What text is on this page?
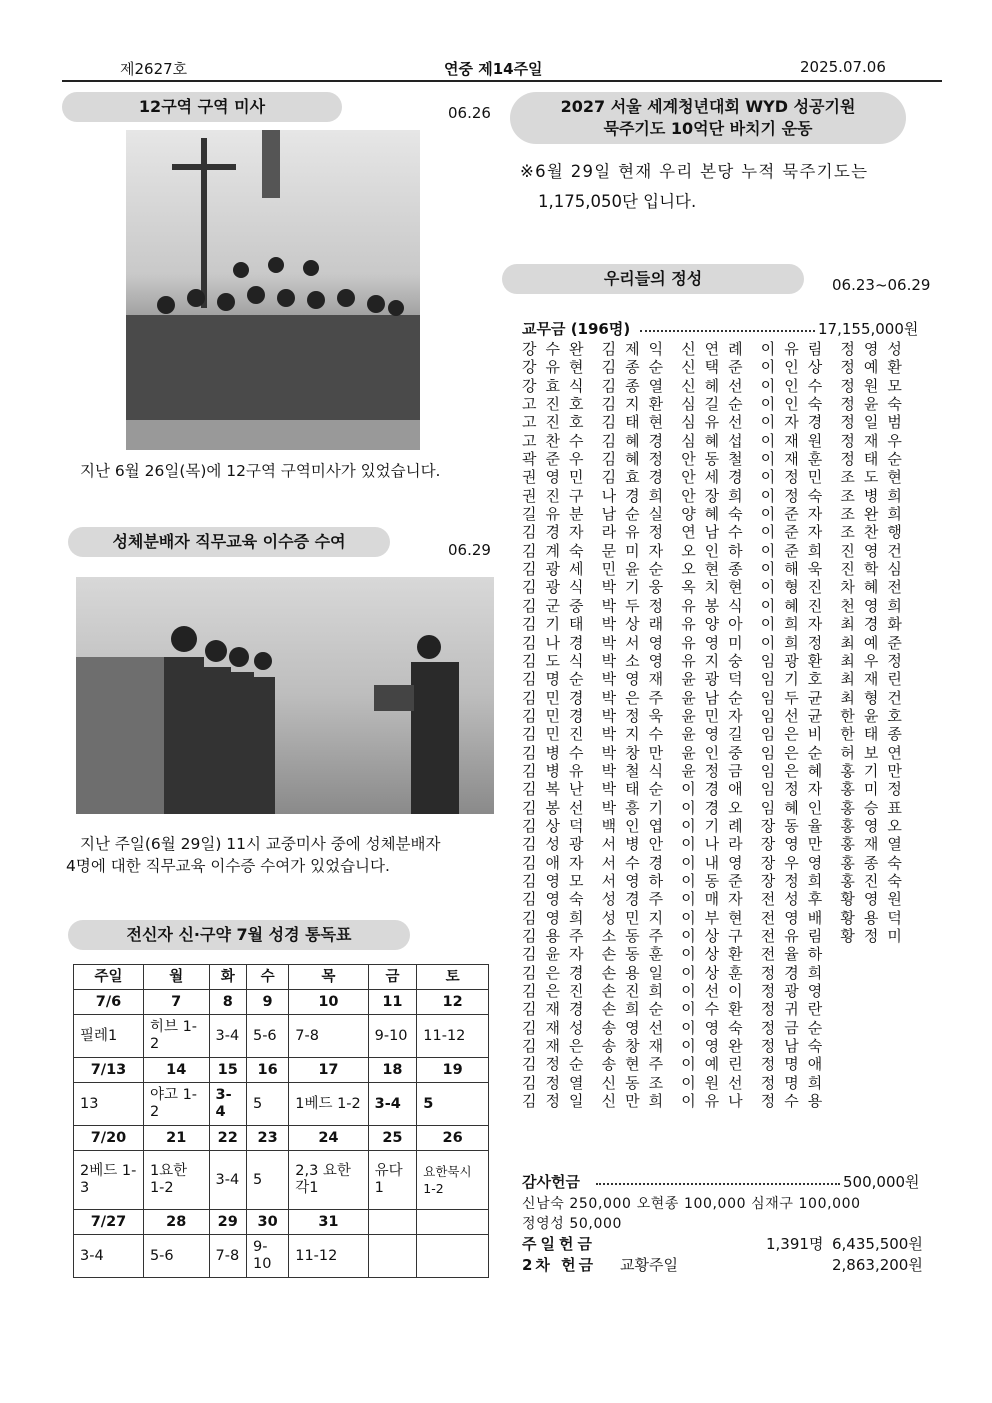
제2627호	연중 제14주일	2025.07.06
12구역 구역 미사	06.26
지난 6월 26일(목)에 12구역 구역미사가 있었습니다.
성체분배자 직무교육 이수증 수여	06.29
지난 주일(6월 29일) 11시 교중미사 중에 성체분배자
4명에 대한 직무교육 이수증 수여가 있었습니다.
전신자 신·구약 7월 성경 통독표
주일	월	화	수	목	금	토
7/6	7	8	9	10	11	12
필레1	히브 1-2	3-4	5-6	7-8	9-10	11-12
7/13	14	15	16	17	18	19
13	야고 1-2	3-4	5	1베드 1-2	3-4	5
7/20	21	22	23	24	25	26
2베드 1-3	1요한 1-2	3-4	5	2,3 요한 각1	유다 1	요한묵시 1-2
7/27	28	29	30	31		
3-4	5-6	7-8	9-10	11-12		
2027 서울 세계청년대회 WYD 성공기원
묵주기도 10억단 바치기 운동
※6월 29일 현재 우리 본당 누적 묵주기도는
1,175,050단 입니다.
우리들의 정성	06.23~06.29
교무금 (196명)	17,155,000원
강수완 김제익 신연례 이유림 정영성
강유현 김종순 신택준 이인상 정예환
강효식 김종열 신헤선 이인수 정원모
고진호 김지환 심길순 이인숙 정윤숙
고진호 김태현 심유선 이자경 정일범
고찬수 김혜경 심혜섭 이재원 정재우
곽준우 김혜정 안동철 이재훈 정태순
권영민 김효경 안세경 이정민 조도현
권진구 나경희 안장희 이정숙 조병희
길유분 남순실 양혜숙 이준자 조완희
김경자 라유정 연남수 이준자 조찬행
김계숙 문미자 오인하 이준희 진영건
김광세 민윤순 오현종 이해욱 진학심
김광식 박기웅 옥치현 이형진 차혜전
김군중 박두정 유봉식 이혜진 천영희
김기태 박상래 유양아 이희자 최경화
김나경 박서영 유영미 이희정 최예준
김도식 박소영 유지숭 임광환 최우정
김명순 박영재 윤광덕 임기호 최재린
김민경 박은주 윤남순 임두균 최형건
김민경 박정욱 윤민자 임선균 한윤호
김민진 박지수 윤영길 임은비 한태종
김병수 박창만 윤인중 임은순 허보연
김병유 박철식 윤정금 임은혜 홍기만
김복난 박태순 이경애 임정자 홍미정
김봉선 박흥기 이경오 임혜인 홍승표
김상덕 백인엽 이기례 장동율 홍영오
김성광 서병안 이나라 장영만 홍재열
김애자 서수경 이내영 장우영 홍종숙
김영모 서영하 이동준 장정희 홍진숙
김영숙 성경주 이매자 전성후 황영원
김영희 성민지 이부현 전영배 황용덕
김용주 소동주 이상구 전유림 황정미
김윤자 손동훈 이상환 전율하
김은경 손용일 이상훈 정경희
김은진 손진희 이선이 정광영
김재경 손희순 이수환 정귀란
김재성 송영선 이영숙 정금순
김재은 송창재 이영완 정남숙
김정순 송현주 이예린 정명애
김정열 신동조 이원선 정명희
김정일 신만희 이유나 정수용
감사헌금	500,000원
신남숙 250,000 오현종 100,000 심재구 100,000
정영성 50,000
주일헌금	1,391명 6,435,500원
2차 헌금 교황주일	2,863,200원
